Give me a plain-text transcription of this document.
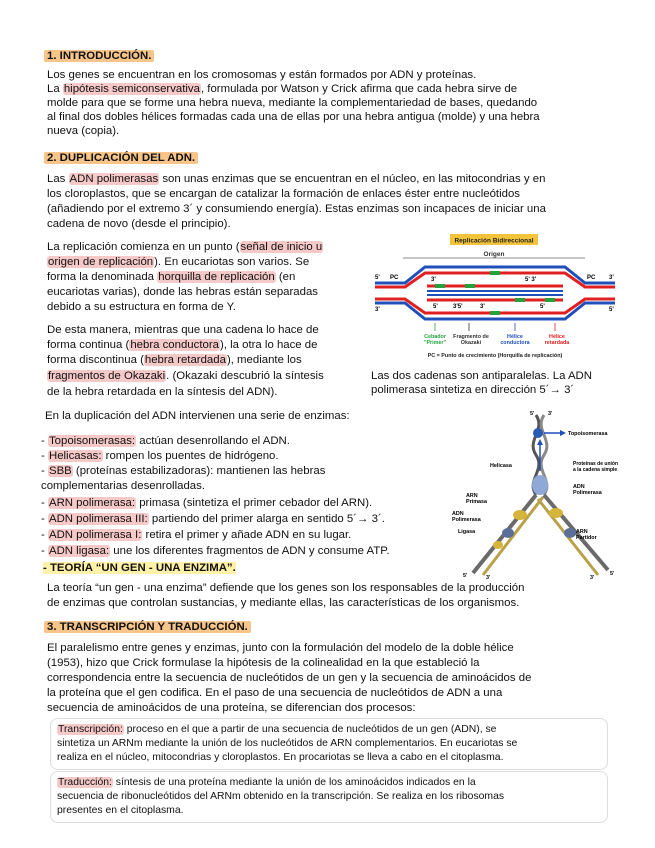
1. INTRODUCCIÓN.

Los genes se encuentran en los cromosomas y están formados por ADN y proteínas.

La hipótesis semiconservativa, formulada por Watson y Crick afirma que cada hebra sirve de

molde para que se forme una hebra nueva, mediante la complementariedad de bases, quedando

al final dos dobles hélices formadas cada una de ellas por una hebra antigua (molde) y una hebra

nueva (copia).

2. DUPLICACIÓN DEL ADN.

Las ADN polimerasas son unas enzimas que se encuentran en el núcleo, en las mitocondrias y en

los cloroplastos, que se encargan de catalizar la formación de enlaces éster entre nucleótidos

(añadiendo por el extremo 3´ y consumiendo energía). Estas enzimas son incapaces de iniciar una

cadena de novo (desde el principio).

La replicación comienza en un punto (señal de inicio u

origen de replicación). En eucariotas son varios. Se

forma la denominada horquilla de replicación (en

eucariotas varias), donde las hebras están separadas

debido a su estructura en forma de Y.

De esta manera, mientras que una cadena lo hace de

forma continua (hebra conductora), la otra lo hace de

forma discontinua (hebra retardada), mediante los

fragmentos de Okazaki. (Okazaki descubrió la síntesis

de la hebra retardada en la síntesis del ADN).

Replicación Bidireccional
Origen
5' PC
3'
PC 3'
5'
3'	5' 3'
3'5'	3'
5'	5'
Cebador "Primer"
Fragmento de Okazaki
Hélice conductora
Hélice retardada
PC = Punto de crecimiento (Horquilla de replicación)

Las dos cadenas son antiparalelas. La ADN

polimerasa sintetiza en dirección 5´→ 3´

En la duplicación del ADN intervienen una serie de enzimas:

- Topoisomerasas: actúan desenrollando el ADN.
- Helicasas: rompen los puentes de hidrógeno.
- SBB (proteínas estabilizadoras): mantienen las hebras
complementarias desenrolladas.
- ARN polimerasa: primasa (sintetiza el primer cebador del ARN).
- ADN polimerasa III: partiendo del primer alarga en sentido 5´→ 3´.
- ADN polimerasa I: retira el primer y añade ADN en su lugar.
- ADN ligasa: une los diferentes fragmentos de ADN y consume ATP.
3'
5'
Topoisomerasa
Helicasa	Proteínas de unión a la cadena simple
ADN Polimerasa
ARN Primasa
ADN Polimerasa
Ligasa	ARN Partidor
5'	3'	3'
5'
- TEORÍA “UN GEN - UNA ENZIMA”.

La teoría “un gen - una enzima” defiende que los genes son los responsables de la producción

de enzimas que controlan sustancias, y mediante ellas, las características de los organismos.

3. TRANSCRIPCIÓN Y TRADUCCIÓN.

El paralelismo entre genes y enzimas, junto con la formulación del modelo de la doble hélice

(1953), hizo que Crick formulase la hipótesis de la colinealidad en la que estableció la

correspondencia entre la secuencia de nucleótidos de un gen y la secuencia de aminoácidos de

la proteína que el gen codifica. En el paso de una secuencia de nucleótidos de ADN a una

secuencia de aminoácidos de una proteína, se diferencian dos procesos:

Transcripción: proceso en el que a partir de una secuencia de nucleótidos de un gen (ADN), se

sintetiza un ARNm mediante la unión de los nucleótidos de ARN complementarios. En eucariotas se

realiza en el núcleo, mitocondrias y cloroplastos. En procariotas se lleva a cabo en el citoplasma.

Traducción: síntesis de una proteína mediante la unión de los aminoácidos indicados en la

secuencia de ribonucleótidos del ARNm obtenido en la transcripción. Se realiza en los ribosomas

presentes en el citoplasma.
